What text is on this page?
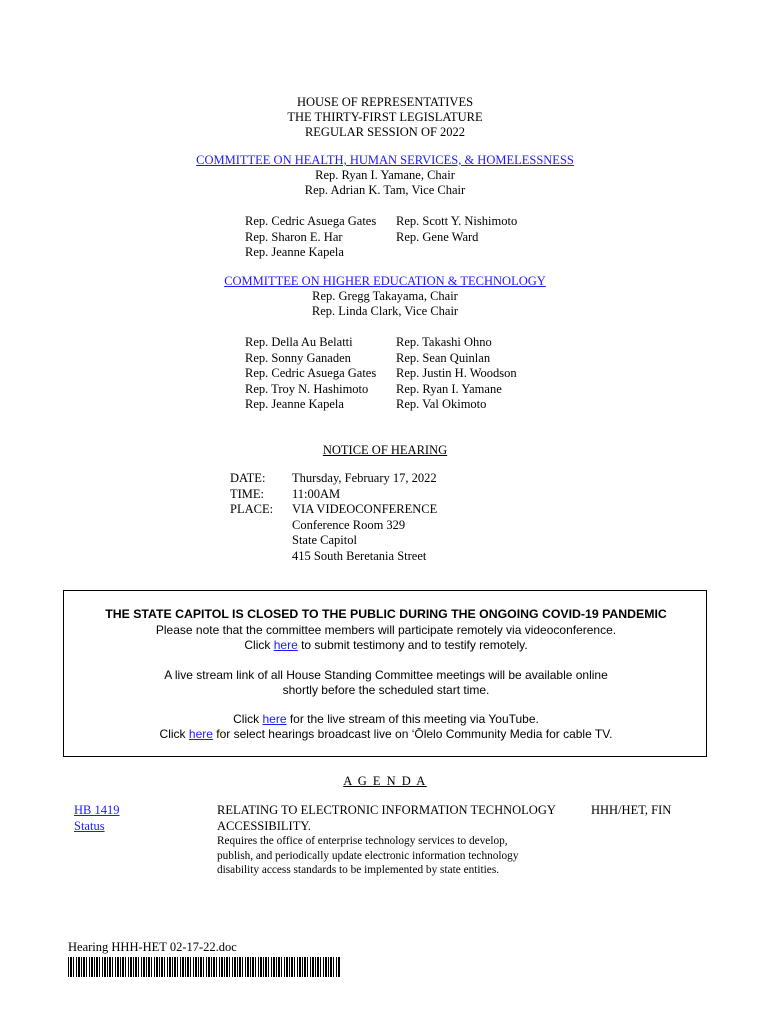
HOUSE OF REPRESENTATIVES
THE THIRTY-FIRST LEGISLATURE
REGULAR SESSION OF 2022
COMMITTEE ON HEALTH, HUMAN SERVICES, & HOMELESSNESS
Rep. Ryan I. Yamane, Chair
Rep. Adrian K. Tam, Vice Chair
Rep. Cedric Asuega Gates
Rep. Sharon E. Har
Rep. Jeanne Kapela
Rep. Scott Y. Nishimoto
Rep. Gene Ward
COMMITTEE ON HIGHER EDUCATION & TECHNOLOGY
Rep. Gregg Takayama, Chair
Rep. Linda Clark, Vice Chair
Rep. Della Au Belatti
Rep. Sonny Ganaden
Rep. Cedric Asuega Gates
Rep. Troy N. Hashimoto
Rep. Jeanne Kapela
Rep. Takashi Ohno
Rep. Sean Quinlan
Rep. Justin H. Woodson
Rep. Ryan I. Yamane
Rep. Val Okimoto
NOTICE OF HEARING
DATE:
TIME:
PLACE:
Thursday, February 17, 2022
11:00AM
VIA VIDEOCONFERENCE
Conference Room 329
State Capitol
415 South Beretania Street
THE STATE CAPITOL IS CLOSED TO THE PUBLIC DURING THE ONGOING COVID-19 PANDEMIC
Please note that the committee members will participate remotely via videoconference.
Click here to submit testimony and to testify remotely.
A live stream link of all House Standing Committee meetings will be available online
shortly before the scheduled start time.
Click here for the live stream of this meeting via YouTube.
Click here for select hearings broadcast live on ‘Ōlelo Community Media for cable TV.
A G E N D A
HB 1419
Status
RELATING TO ELECTRONIC INFORMATION TECHNOLOGY
ACCESSIBILITY.
Requires the office of enterprise technology services to develop,
publish, and periodically update electronic information technology
disability access standards to be implemented by state entities.
HHH/HET, FIN
Hearing HHH-HET 02-17-22.doc
